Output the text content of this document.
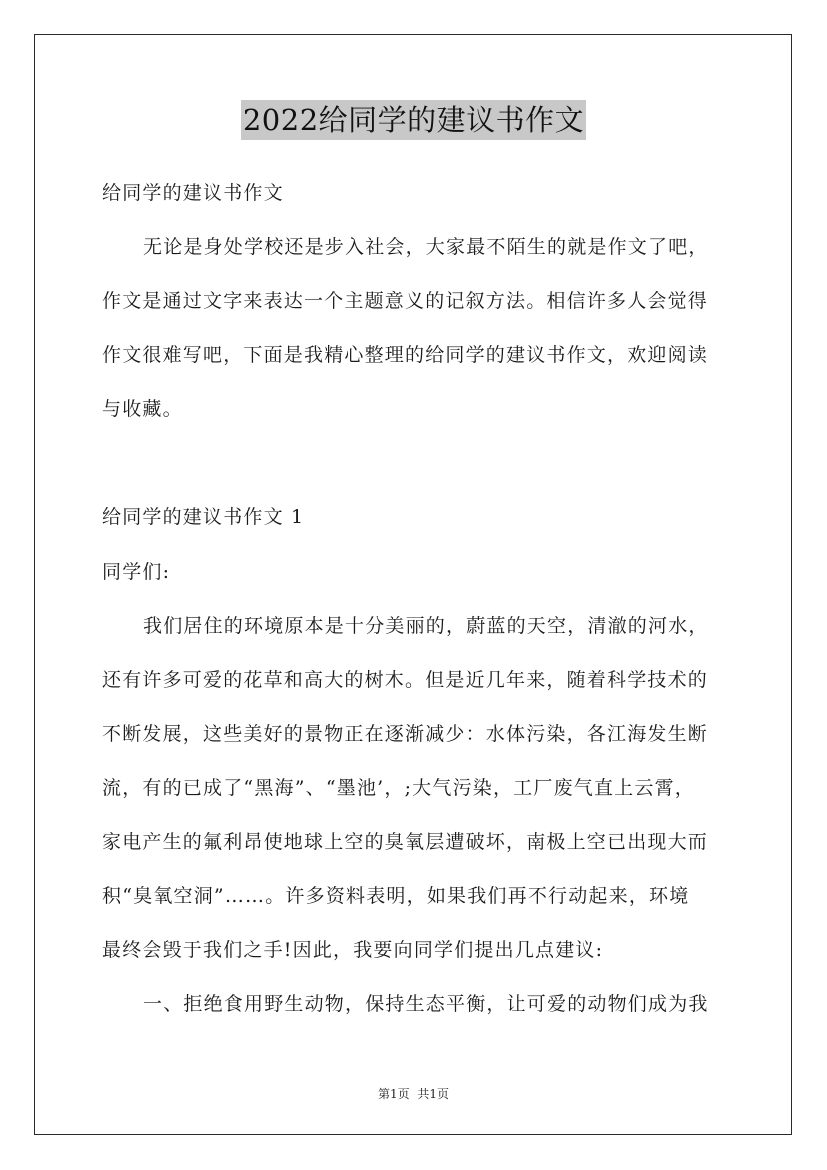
2022给同学的建议书作文
给同学的建议书作文
无论是身处学校还是步入社会，大家最不陌生的就是作文了吧，
作文是通过文字来表达一个主题意义的记叙方法。相信许多人会觉得
作文很难写吧，下面是我精心整理的给同学的建议书作文，欢迎阅读
与收藏。
给同学的建议书作文 1
同学们:
我们居住的环境原本是十分美丽的，蔚蓝的天空，清澈的河水，
还有许多可爱的花草和高大的树木。但是近几年来，随着科学技术的
不断发展，这些美好的景物正在逐渐减少：水体污染，各江海发生断
流，有的已成了“黑海”、“墨池’，;大气污染，工厂废气直上云霄，
家电产生的氟利昂使地球上空的臭氧层遭破坏，南极上空已出现大而
积“臭氧空洞”……。许多资料表明，如果我们再不行动起来，环境
最终会毁于我们之手!因此，我要向同学们提出几点建议:
一、拒绝食用野生动物，保持生态平衡，让可爱的动物们成为我
第1页 共1页
